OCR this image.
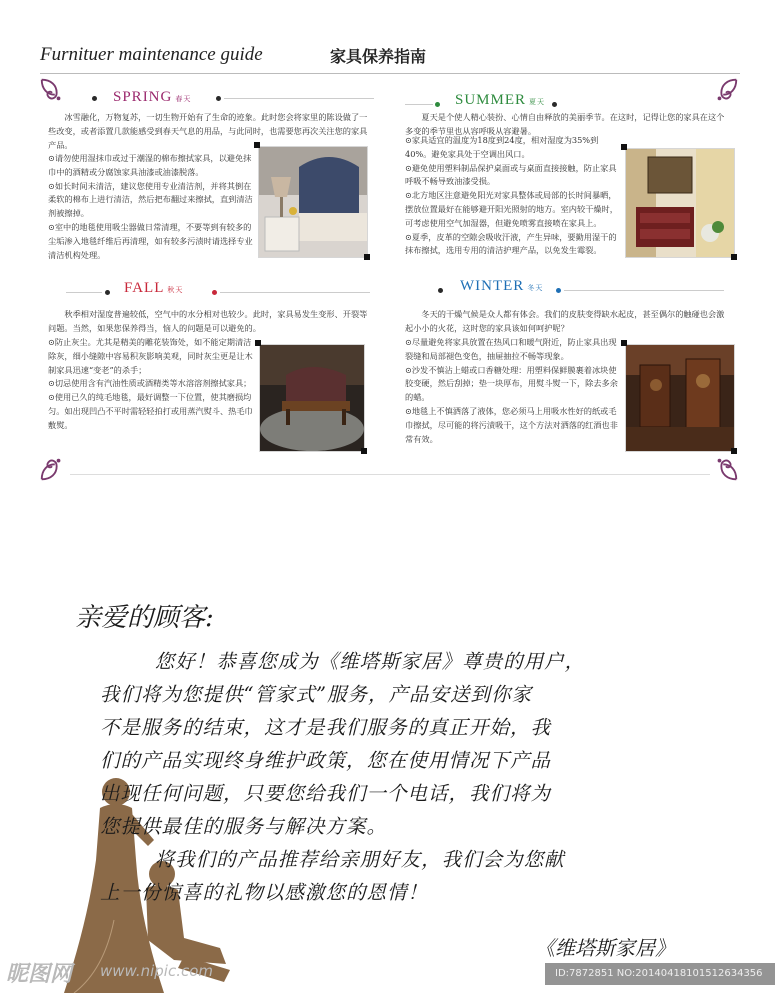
Furnituer maintenance guide	家具保养指南
SPRING 春天

冰雪融化，万物复苏，一切生物开始有了生命的迹象。此时您会将家里的陈设做了一些改变，或者添置几款能感受到春天气息的用品，与此同时，也需要您再次关注您的家具产品。

⊙请勿使用湿抹巾或过于潮湿的棉布擦拭家具，以避免抹巾中的酒精或分腐蚀家具油漆或油漆脱落。

⊙如长时间未清洁，建议您使用专业清洁剂，并将其倒在柔软的棉布上进行清洁，然后把布翻过来擦拭，直到清洁剂被擦掉。

⊙室中的地毯使用吸尘器做日常清理，不要等到有较多的尘垢渗入地毯纤维后再清理，如有较多污渍时请选择专业清洁机构处理。

SUMMER 夏天

夏天是个使人精心装扮、心情自由释放的美丽季节。在这时，记得让您的家具在这个多变的季节里也从容呼吸从容避暑。

⊙家具适宜的温度为18度到24度，相对湿度为35%到40%。避免家具处于空调出风口。

⊙避免使用塑料制品保护桌面或与桌面直接接触，防止家具呼吸不畅导致油漆受损。

⊙北方地区注意避免阳光对家具整体或局部的长时间暴晒，摆放位置最好在能够避开阳光照射的地方。室内较干燥时，可考虑使用空气加湿器，但避免喷雾直接喷在家具上。

⊙夏季，皮革的空隙会吸收汗液，产生异味，要勤用湿干的抹布擦拭，选用专用的清洁护理产品，以免发生霉裂。

FALL 秋天

秋季相对湿度普遍较低，空气中的水分相对也较少。此时，家具易发生变形、开裂等问题。当然，如果您保养得当，恼人的问题是可以避免的。

⊙防止灰尘。尤其是精美的雕花装饰处，如不能定期清洁除灰，细小缝隙中容易积灰影响美观，同时灰尘更是让木制家具迅速“变老”的杀手；

⊙切忌使用含有汽油性质或酒精类等水溶溶剂擦拭家具；

⊙使用已久的纯毛地毯，最好调整一下位置，使其磨损均匀。如出现凹凸不平时需轻轻拍打或用蒸汽熨斗、热毛巾敷熨。

WINTER 冬天

冬天的干燥气候是众人都有体会。我们的皮肤变得缺水起皮，甚至偶尔的触碰也会激起小小的火花，这时您的家具该如何呵护呢？

⊙尽量避免将家具放置在热风口和暖气附近，防止家具出现裂缝和局部褪色变色，抽屉抽拉不畅等现象。

⊙沙发不慎沾上蜡或口香糖处理：用塑料保鲜膜裹着冰块使胶变硬，然后刮掉；垫一块厚布，用熨斗熨一下，除去多余的蜡。

⊙地毯上不慎洒落了液体，您必须马上用吸水性好的纸或毛巾擦拭，尽可能的将污渍吸干，这个方法对洒落的红酒也非常有效。

亲爱的顾客:

您好！恭喜您成为《维塔斯家居》尊贵的用户，

我们将为您提供“管家式”服务，产品安送到你家

不是服务的结束，这才是我们服务的真正开始，我

们的产品实现终身维护政策，您在使用情况下产品

出现任何问题，只要您给我们一个电话，我们将为

您提供最佳的服务与解决方案。

将我们的产品推荐给亲朋好友，我们会为您献

上一份惊喜的礼物以感激您的恩情！

《维塔斯家居》
昵图网 www.nipic.com	ID:7872851 NO:20140418101512634356
